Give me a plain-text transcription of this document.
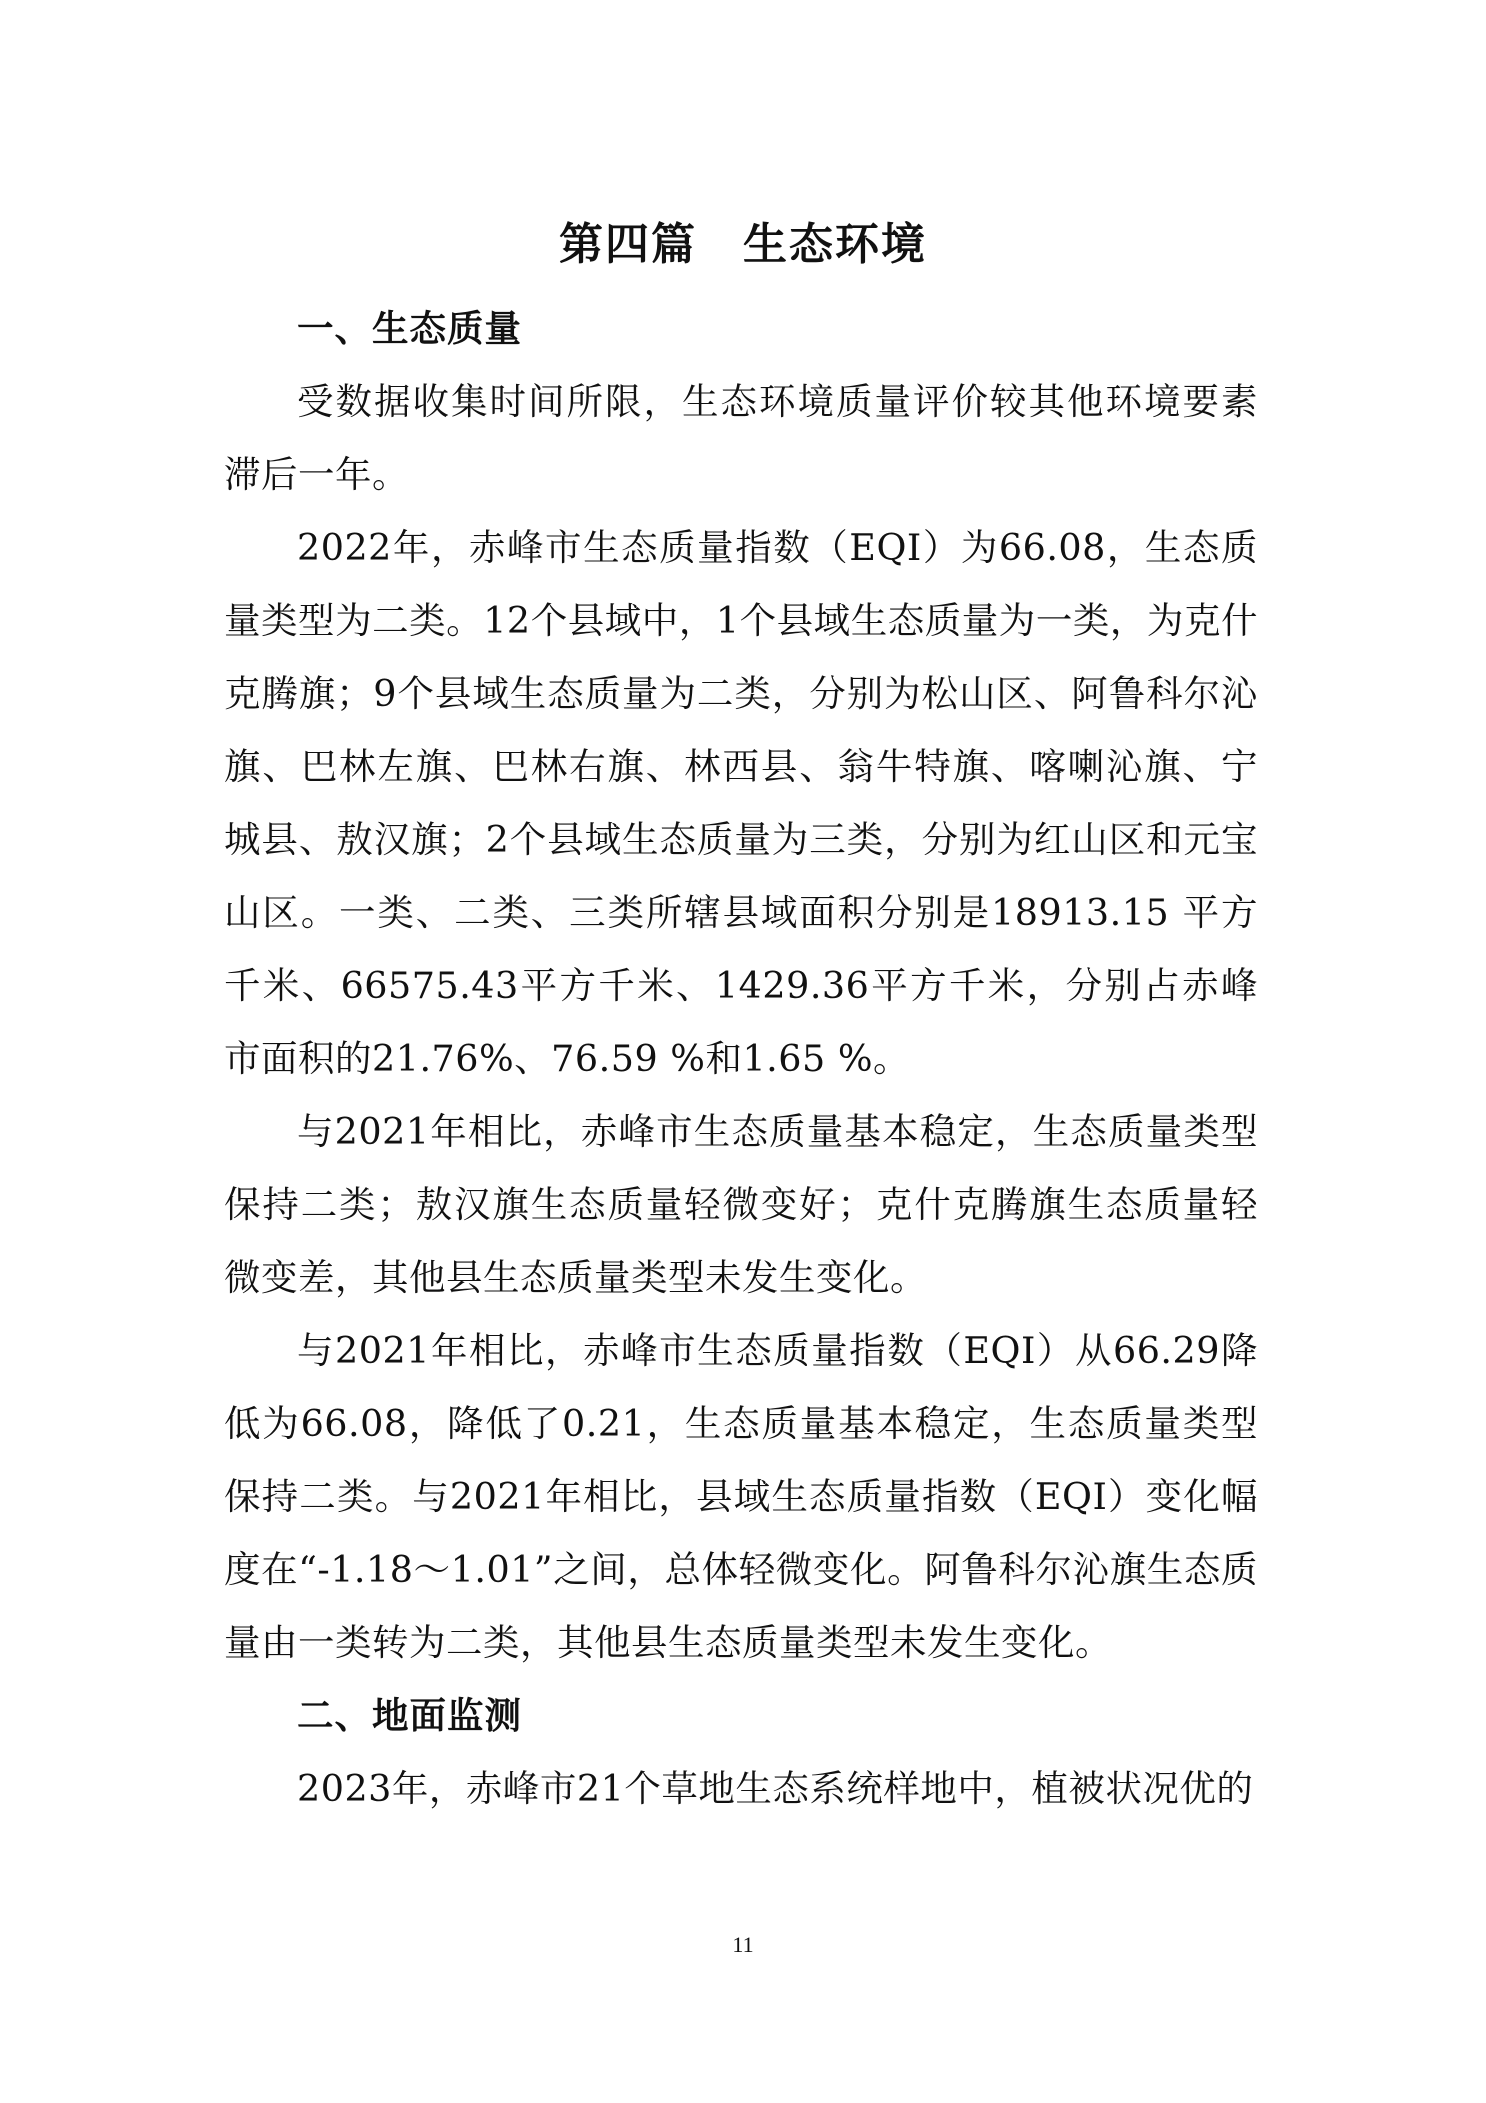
第四篇　生态环境

一、生态质量

受数据收集时间所限，生态环境质量评价较其他环境要素滞后一年。

2022年，赤峰市生态质量指数（EQI）为66.08，生态质量类型为二类。12个县域中，1个县域生态质量为一类，为克什克腾旗；9个县域生态质量为二类，分别为松山区、阿鲁科尔沁旗、巴林左旗、巴林右旗、林西县、翁牛特旗、喀喇沁旗、宁城县、敖汉旗；2个县域生态质量为三类，分别为红山区和元宝山区。一类、二类、三类所辖县域面积分别是18913.15 平方千米、66575.43平方千米、1429.36平方千米，分别占赤峰市面积的21.76%、76.59 %和1.65 %。

与2021年相比，赤峰市生态质量基本稳定，生态质量类型保持二类；敖汉旗生态质量轻微变好；克什克腾旗生态质量轻微变差，其他县生态质量类型未发生变化。

与2021年相比，赤峰市生态质量指数（EQI）从66.29降低为66.08，降低了0.21，生态质量基本稳定，生态质量类型保持二类。与2021年相比，县域生态质量指数（EQI）变化幅度在“-1.18～1.01”之间，总体轻微变化。阿鲁科尔沁旗生态质量由一类转为二类，其他县生态质量类型未发生变化。

二、地面监测

2023年，赤峰市21个草地生态系统样地中，植被状况优的

11
